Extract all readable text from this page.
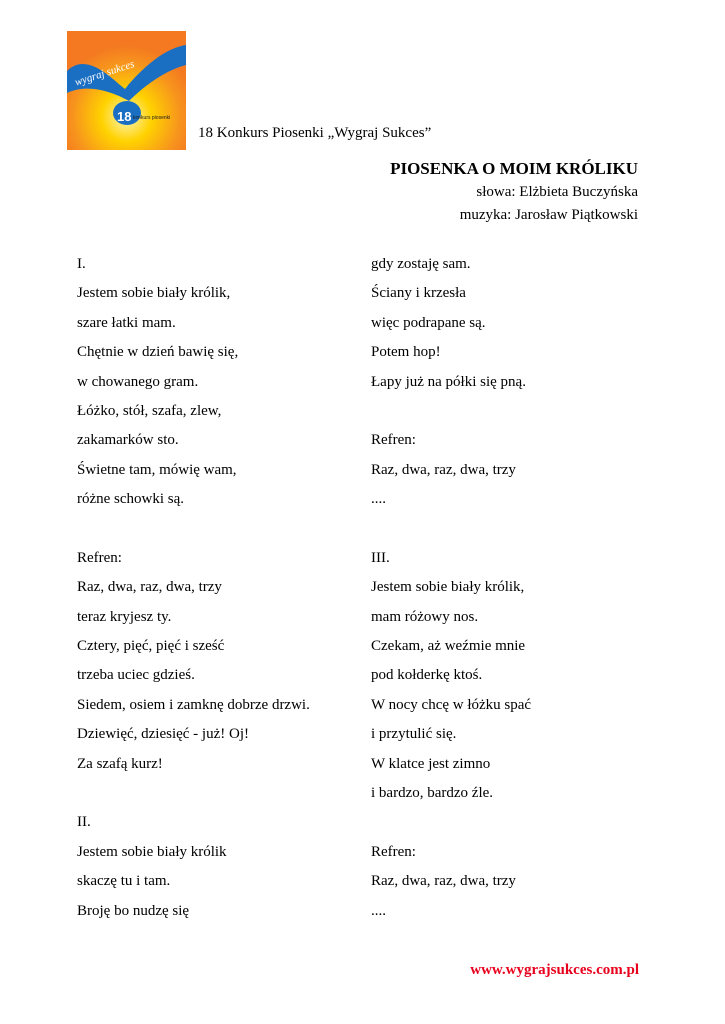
wygraj sukces
18 konkurs piosenki
18 Konkurs Piosenki „Wygraj Sukces”
PIOSENKA O MOIM KRÓLIKU
słowa: Elżbieta Buczyńska
muzyka: Jarosław Piątkowski
I.
Jestem sobie biały królik,
szare łatki mam.
Chętnie w dzień bawię się,
w chowanego gram.
Łóżko, stół, szafa, zlew,
zakamarków sto.
Świetne tam, mówię wam,
różne schowki są.
Refren:
Raz, dwa, raz, dwa, trzy
teraz kryjesz ty.
Cztery, pięć, pięć i sześć
trzeba uciec gdzieś.
Siedem, osiem i zamknę dobrze drzwi.
Dziewięć, dziesięć - już! Oj!
Za szafą kurz!
II.
Jestem sobie biały królik
skaczę tu i tam.
Broję bo nudzę się
gdy zostaję sam.
Ściany i krzesła
więc podrapane są.
Potem hop!
Łapy już na półki się pną.
Refren:
Raz, dwa, raz, dwa, trzy
....
III.
Jestem sobie biały królik,
mam różowy nos.
Czekam, aż weźmie mnie
pod kołderkę ktoś.
W nocy chcę w łóżku spać
i przytulić się.
W klatce jest zimno
i bardzo, bardzo źle.
Refren:
Raz, dwa, raz, dwa, trzy
....
www.wygrajsukces.com.pl
